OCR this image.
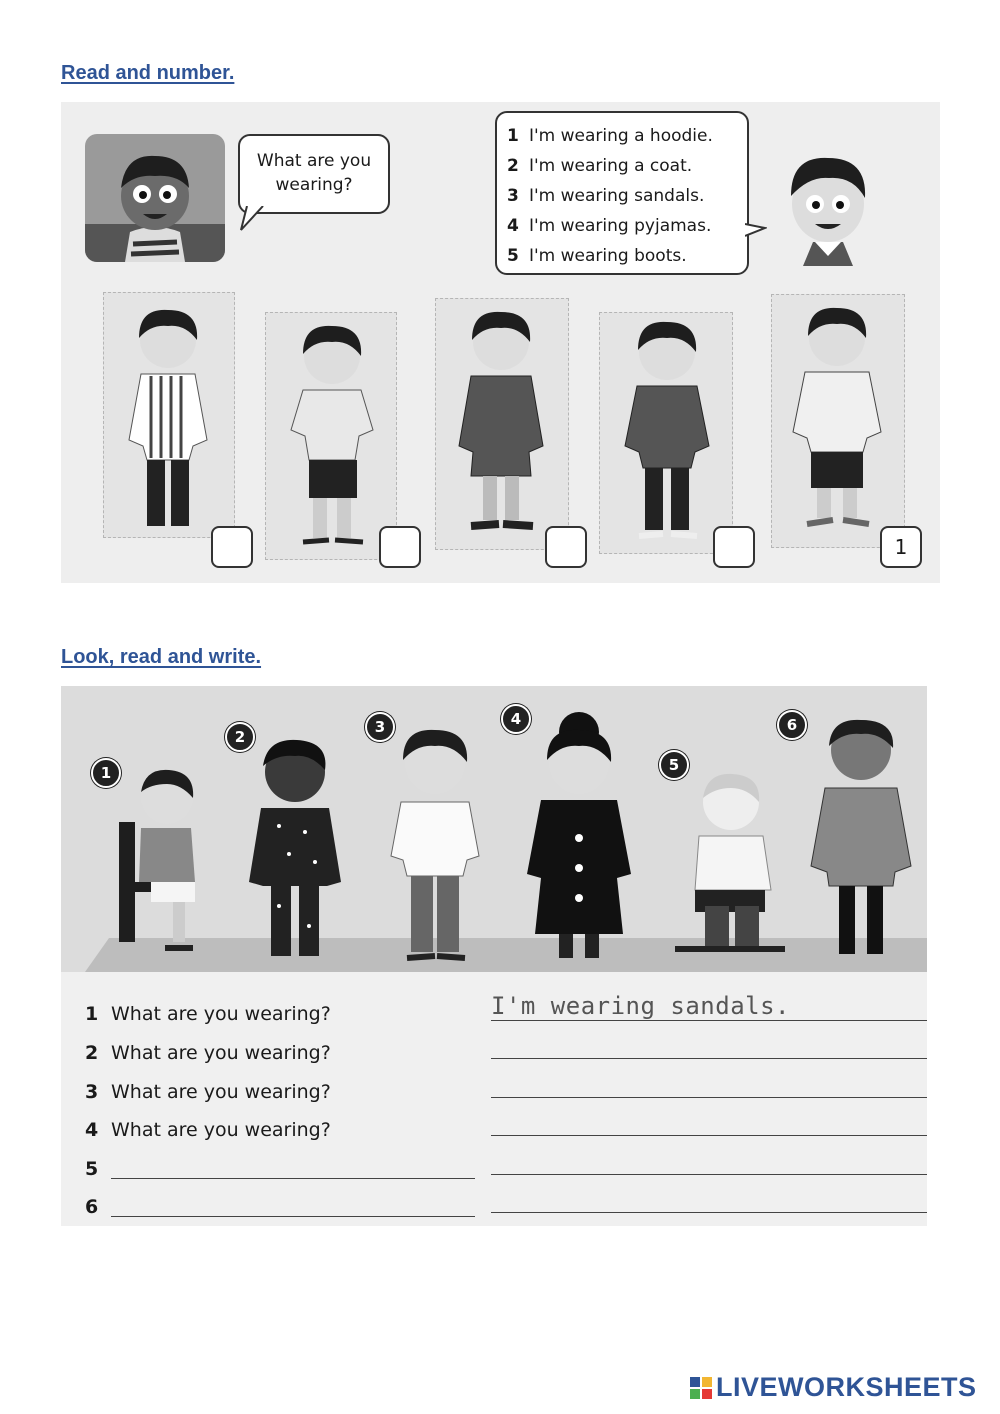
Read and number.
What are you wearing?
1 I'm wearing a hoodie.
2 I'm wearing a coat.
3 I'm wearing sandals.
4 I'm wearing pyjamas.
5 I'm wearing boots.
1
Look, read and write.
1
2
3	4
5
6
1 What are you wearing?
2 What are you wearing?
3 What are you wearing?
4 What are you wearing?
5
6
I'm wearing sandals.
LIVEWORKSHEETS
